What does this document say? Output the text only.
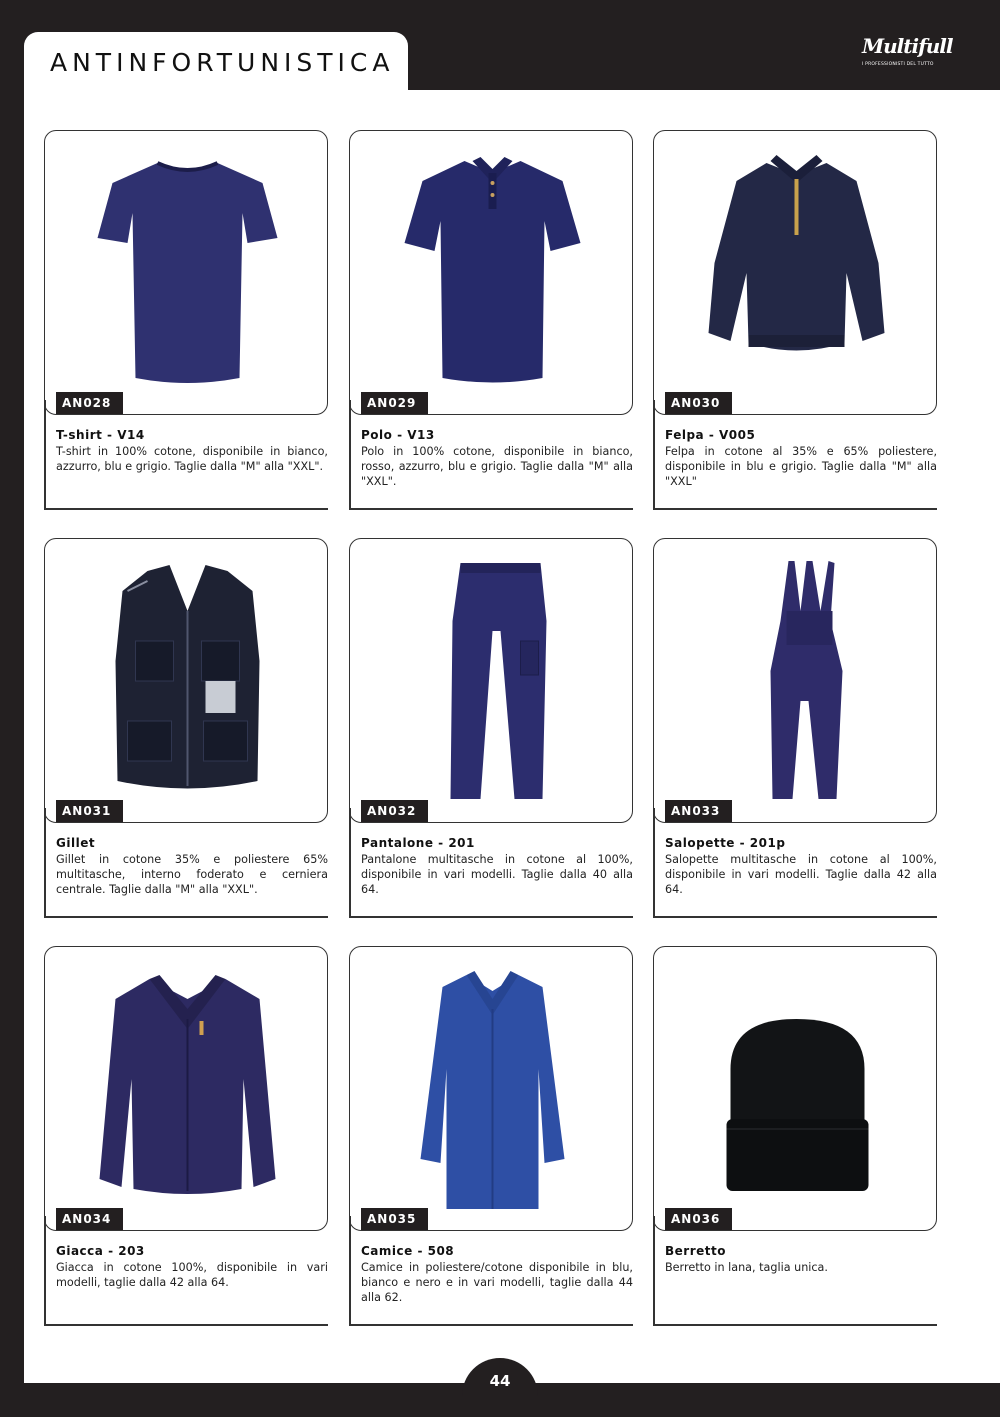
ANTINFORTUNISTICA
Multifull
I PROFESSIONISTI DEL TUTTO
44
AN028
T-shirt - V14
T-shirt in 100% cotone, disponibile in bianco, azzurro, blu e grigio. Taglie dalla "M" alla "XXL".
AN029
Polo - V13
Polo in 100% cotone, disponibile in bianco, rosso, azzurro, blu e grigio. Taglie dalla "M" alla "XXL".
AN030
Felpa - V005
Felpa in cotone al 35% e 65% poliestere, disponibile in blu e grigio. Taglie dalla "M" alla "XXL"
AN031
Gillet
Gillet in cotone 35% e poliestere 65% multitasche, interno foderato e cerniera centrale. Taglie dalla "M" alla "XXL".
AN032
Pantalone - 201
Pantalone multitasche in cotone al 100%, disponibile in vari modelli. Taglie dalla 40 alla 64.
AN033
Salopette - 201p
Salopette multitasche in cotone al 100%, disponibile in vari modelli. Taglie dalla 42 alla 64.
AN034
Giacca - 203
Giacca in cotone 100%, disponibile in vari modelli, taglie dalla 42 alla 64.
AN035
Camice - 508
Camice in poliestere/cotone disponibile in blu, bianco e nero e in vari modelli, taglie dalla 44 alla 62.
AN036
Berretto
Berretto in lana, taglia unica.
